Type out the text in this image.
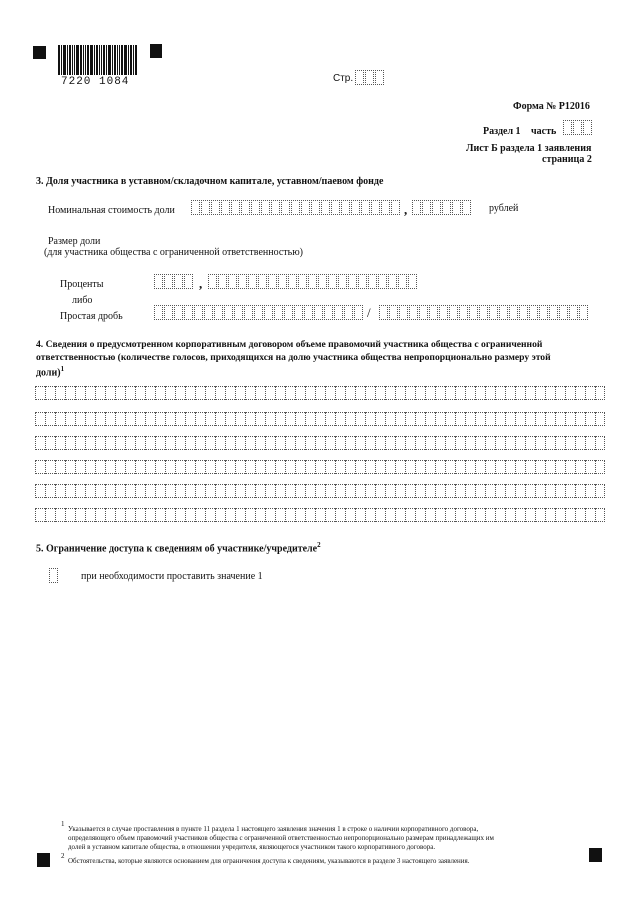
7220 1084	Стр.
Форма № Р12016
Раздел 1 часть
Лист Б раздела 1 заявления
страница 2
3. Доля участника в уставном/складочном капитале, уставном/паевом фонде
Номинальная стоимость доли	,	рублей
Размер доли
(для участника общества с ограниченной ответственностью)
Проценты	,
либо
Простая дробь	/
4. Сведения о предусмотренном корпоративным договором объеме правомочий участника общества с ограниченной
ответственностью (количестве голосов, приходящихся на долю участника общества непропорционально размеру этой
доли)$^1$
5. Ограничение доступа к сведениям об участнике/учредителе$^2$
при необходимости проставить значение 1
1
Указывается в случае проставления в пункте 11 раздела 1 настоящего заявления значения 1 в строке о наличии корпоративного договора,
определяющего объем правомочий участников общества с ограниченной ответственностью непропорционально размерам принадлежащих им
долей в уставном капитале общества, в отношении учредителя, являющегося участником такого корпоративного договора.
2
Обстоятельства, которые являются основанием для ограничения доступа к сведениям, указываются в разделе 3 настоящего заявления.
